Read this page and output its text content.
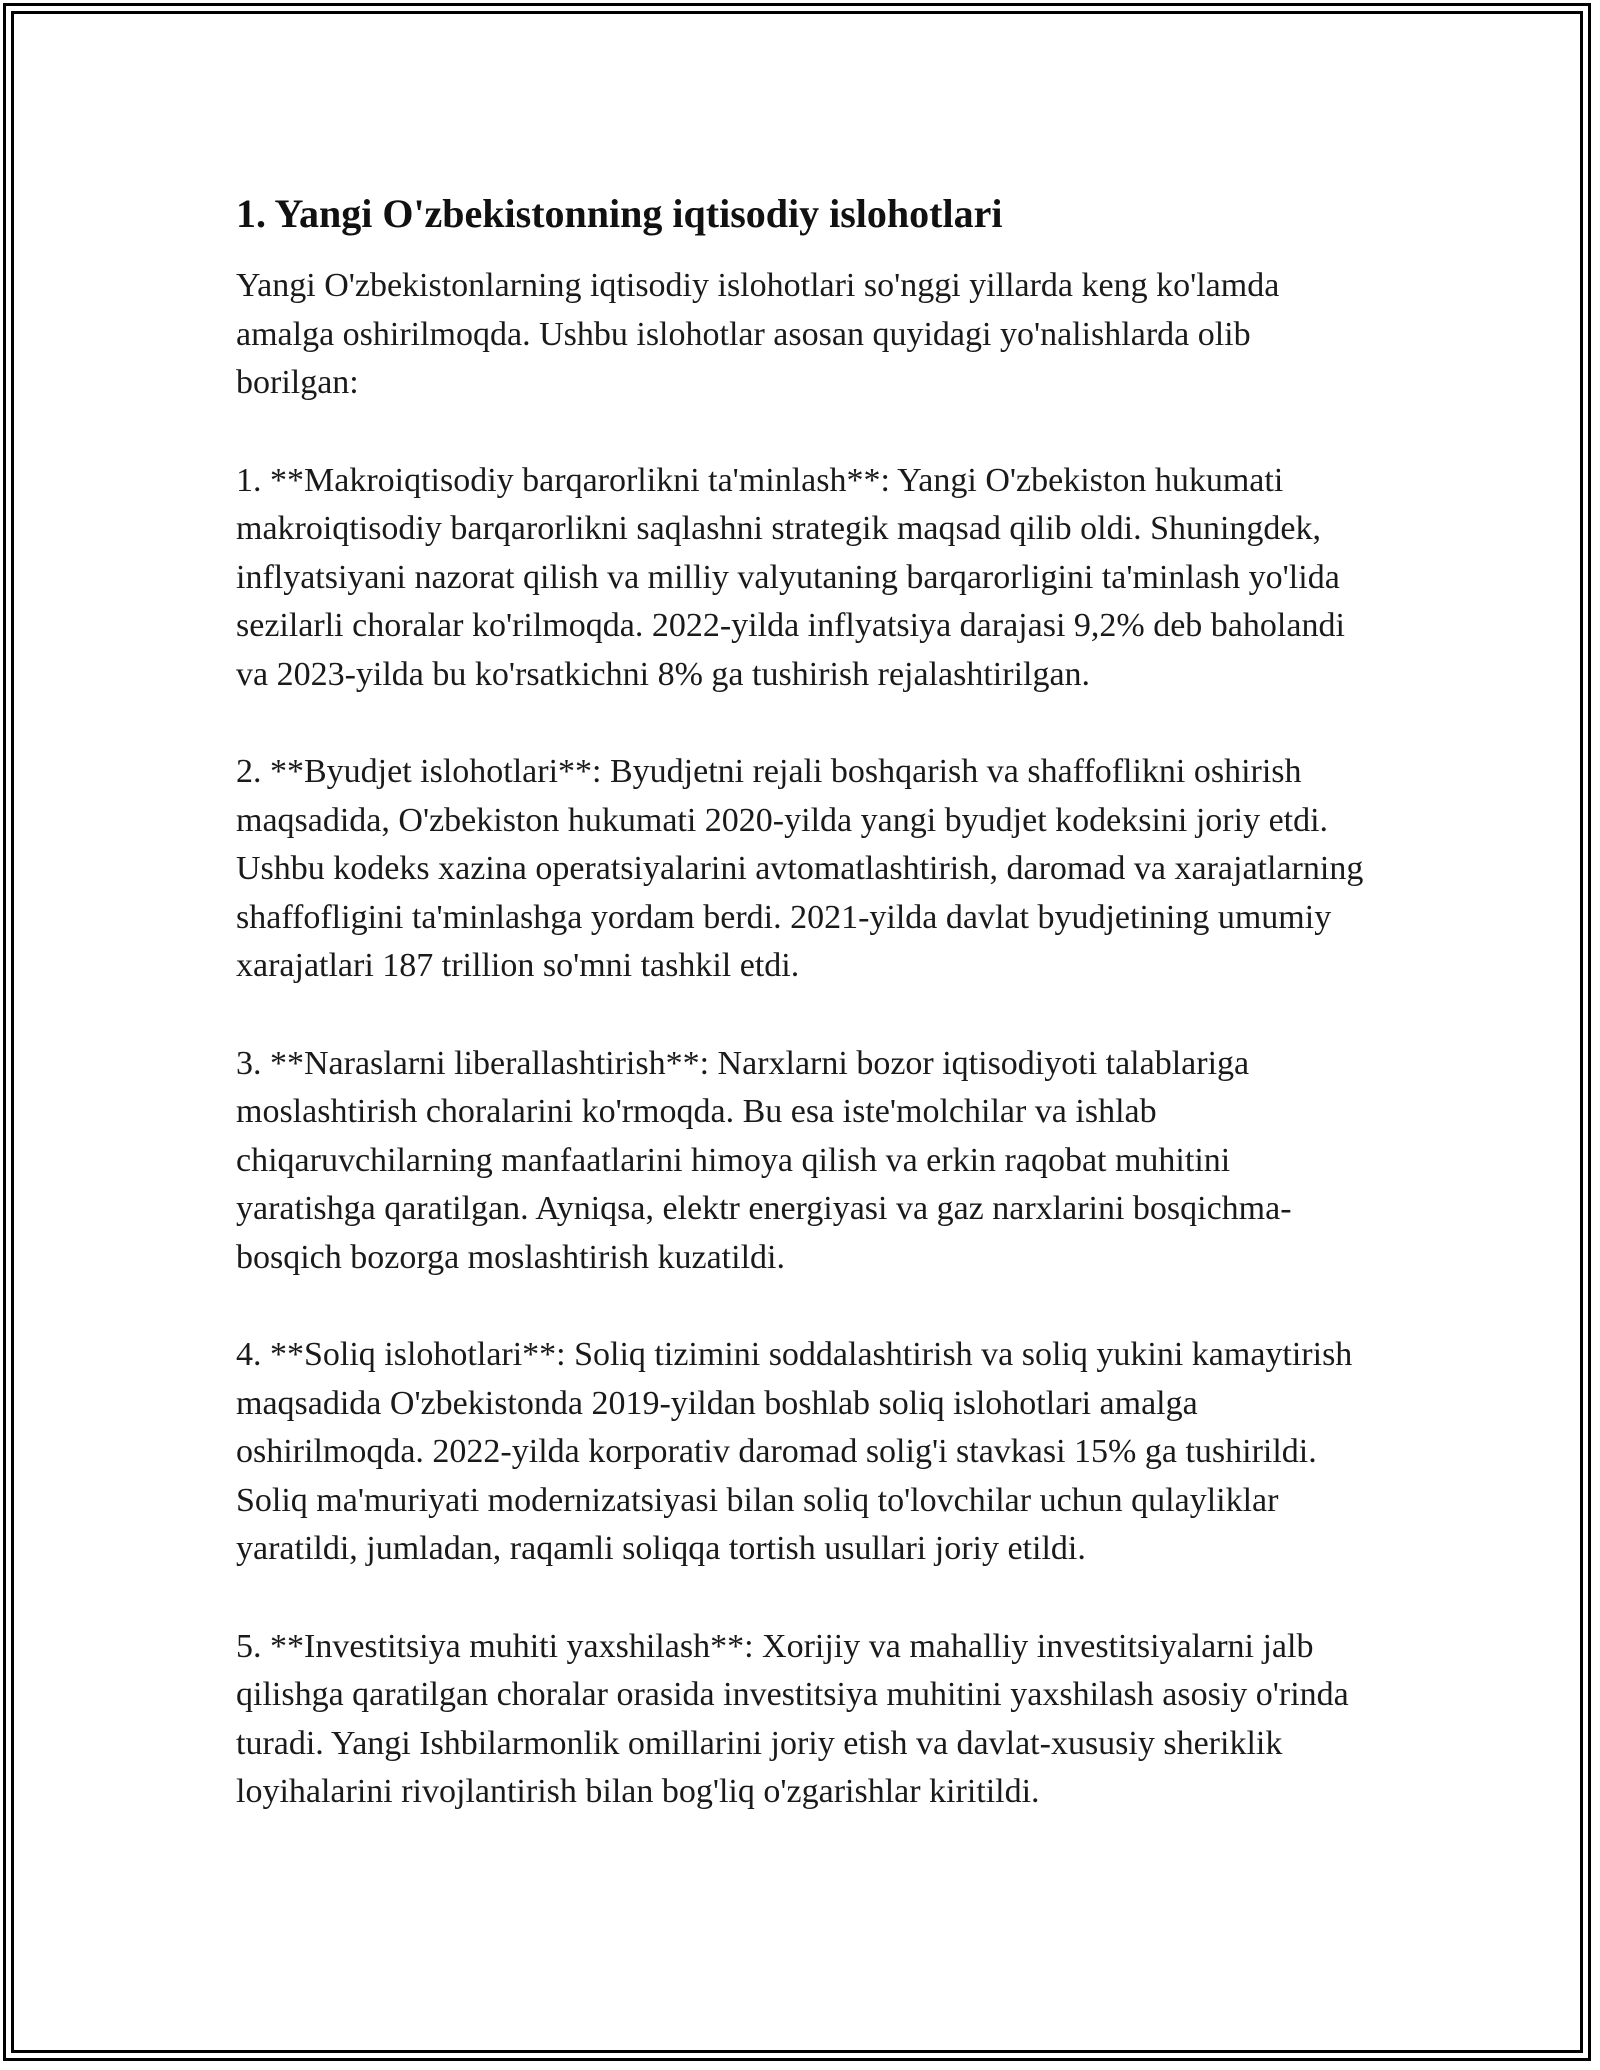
1. Yangi O'zbekistonning iqtisodiy islohotlari

Yangi O'zbekistonlarning iqtisodiy islohotlari so'nggi yillarda keng ko'lamda amalga oshirilmoqda. Ushbu islohotlar asosan quyidagi yo'nalishlarda olib borilgan:

1. **Makroiqtisodiy barqarorlikni ta'minlash**: Yangi O'zbekiston hukumati makroiqtisodiy barqarorlikni saqlashni strategik maqsad qilib oldi. Shuningdek, inflyatsiyani nazorat qilish va milliy valyutaning barqarorligini ta'minlash yo'lida sezilarli choralar ko'rilmoqda. 2022-yilda inflyatsiya darajasi 9,2% deb baholandi va 2023-yilda bu ko'rsatkichni 8% ga tushirish rejalashtirilgan.

2. **Byudjet islohotlari**: Byudjetni rejali boshqarish va shaffoflikni oshirish maqsadida, O'zbekiston hukumati 2020-yilda yangi byudjet kodeksini joriy etdi. Ushbu kodeks xazina operatsiyalarini avtomatlashtirish, daromad va xarajatlarning shaffofligini ta'minlashga yordam berdi. 2021-yilda davlat byudjetining umumiy xarajatlari 187 trillion so'mni tashkil etdi.

3. **Naraslarni liberallashtirish**: Narxlarni bozor iqtisodiyoti talablariga moslashtirish choralarini ko'rmoqda. Bu esa iste'molchilar va ishlab chiqaruvchilarning manfaatlarini himoya qilish va erkin raqobat muhitini yaratishga qaratilgan. Ayniqsa, elektr energiyasi va gaz narxlarini bosqichma-bosqich bozorga moslashtirish kuzatildi.

4. **Soliq islohotlari**: Soliq tizimini soddalashtirish va soliq yukini kamaytirish maqsadida O'zbekistonda 2019-yildan boshlab soliq islohotlari amalga oshirilmoqda. 2022-yilda korporativ daromad solig'i stavkasi 15% ga tushirildi. Soliq ma'muriyati modernizatsiyasi bilan soliq to'lovchilar uchun qulayliklar yaratildi, jumladan, raqamli soliqqa tortish usullari joriy etildi.

5. **Investitsiya muhiti yaxshilash**: Xorijiy va mahalliy investitsiyalarni jalb qilishga qaratilgan choralar orasida investitsiya muhitini yaxshilash asosiy o'rinda turadi. Yangi Ishbilarmonlik omillarini joriy etish va davlat-xususiy sheriklik loyihalarini rivojlantirish bilan bog'liq o'zgarishlar kiritildi.
